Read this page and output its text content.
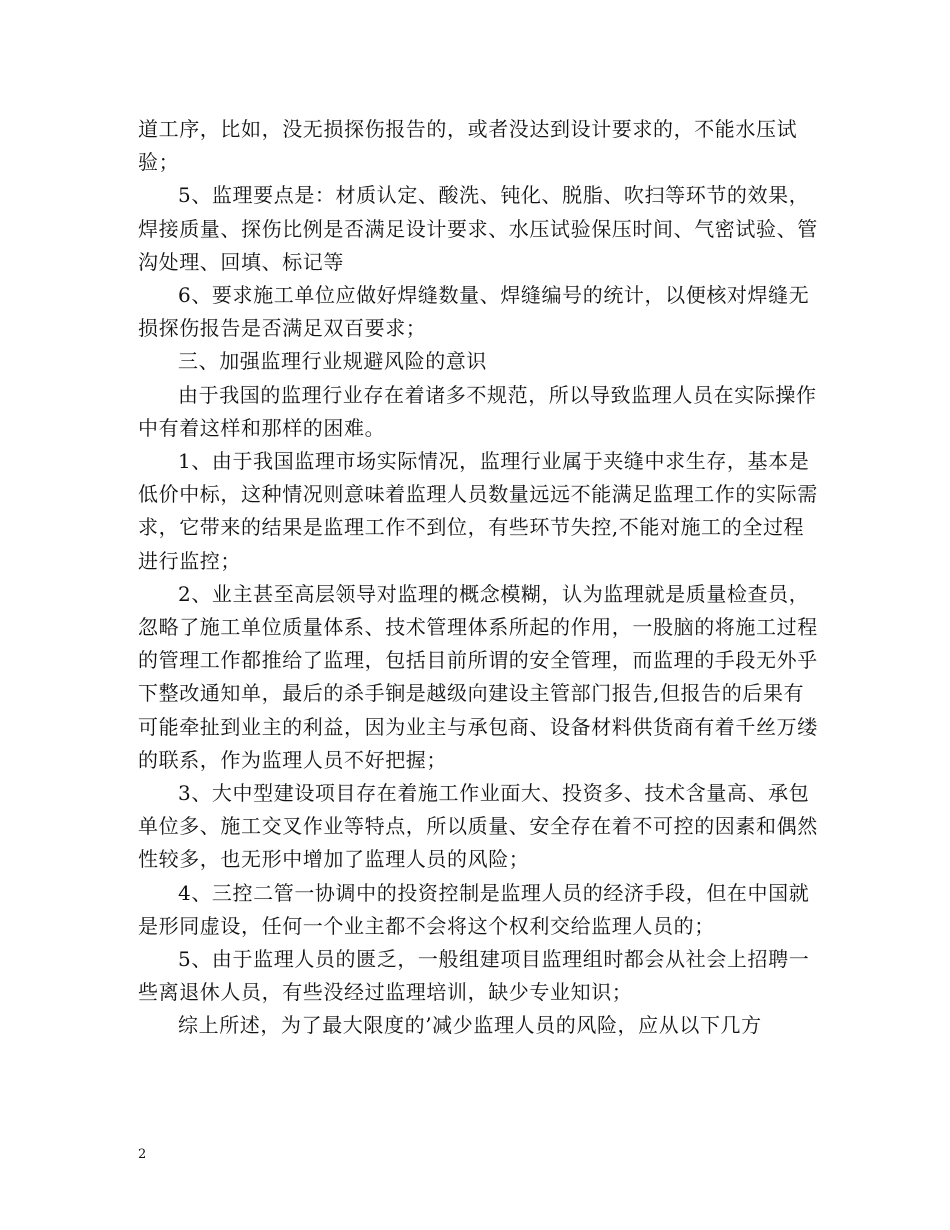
道工序，比如，没无损探伤报告的，或者没达到设计要求的，不能水压试验；

5、监理要点是：材质认定、酸洗、钝化、脱脂、吹扫等环节的效果，焊接质量、探伤比例是否满足设计要求、水压试验保压时间、气密试验、管沟处理、回填、标记等

6、要求施工单位应做好焊缝数量、焊缝编号的统计，以便核对焊缝无损探伤报告是否满足双百要求；

三、加强监理行业规避风险的意识

由于我国的监理行业存在着诸多不规范，所以导致监理人员在实际操作中有着这样和那样的困难。

1、由于我国监理市场实际情况，监理行业属于夹缝中求生存，基本是低价中标，这种情况则意味着监理人员数量远远不能满足监理工作的实际需求，它带来的结果是监理工作不到位，有些环节失控,不能对施工的全过程进行监控；

2、业主甚至高层领导对监理的概念模糊，认为监理就是质量检查员，忽略了施工单位质量体系、技术管理体系所起的作用，一股脑的将施工过程的管理工作都推给了监理，包括目前所谓的安全管理，而监理的手段无外乎下整改通知单，最后的杀手锏是越级向建设主管部门报告,但报告的后果有可能牵扯到业主的利益，因为业主与承包商、设备材料供货商有着千丝万缕的联系，作为监理人员不好把握；

3、大中型建设项目存在着施工作业面大、投资多、技术含量高、承包单位多、施工交叉作业等特点，所以质量、安全存在着不可控的因素和偶然性较多，也无形中增加了监理人员的风险；

4、三控二管一协调中的投资控制是监理人员的经济手段，但在中国就是形同虚设，任何一个业主都不会将这个权利交给监理人员的；

5、由于监理人员的匮乏，一般组建项目监理组时都会从社会上招聘一些离退休人员，有些没经过监理培训，缺少专业知识；

综上所述，为了最大限度的’减少监理人员的风险，应从以下几方

2
